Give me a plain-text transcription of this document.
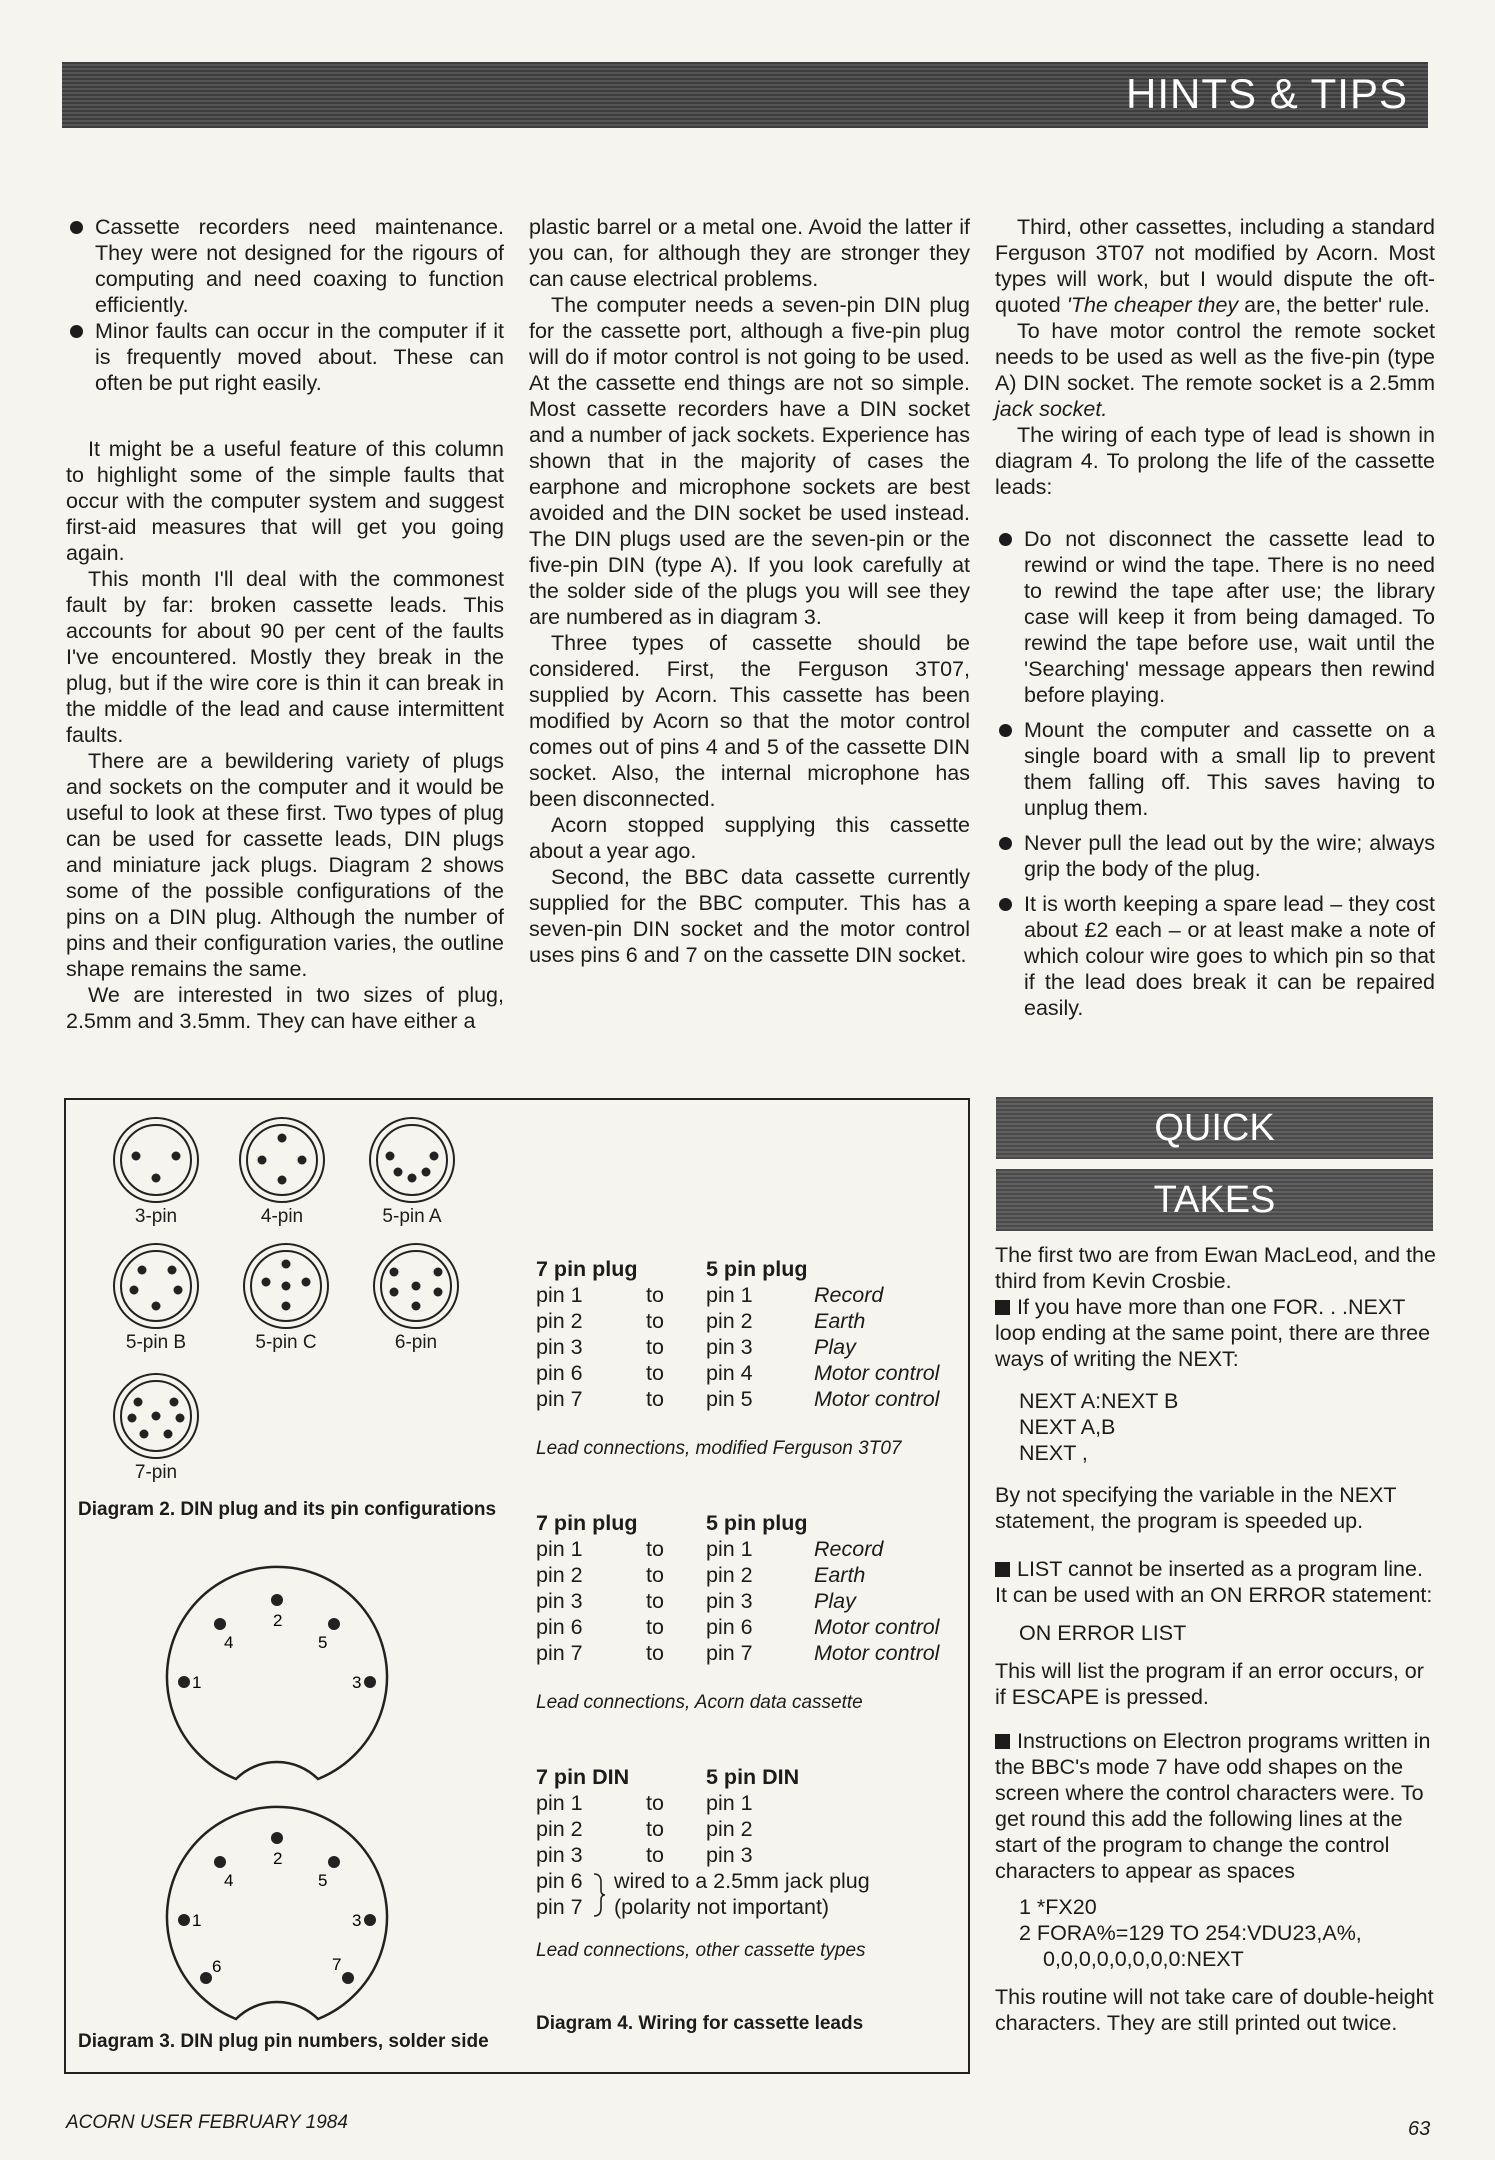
HINTS & TIPS

Cassette recorders need maintenance. They were not designed for the rigours of computing and need coaxing to function efficiently.

Minor faults can occur in the computer if it is frequently moved about. These can often be put right easily.

It might be a useful feature of this column to highlight some of the simple faults that occur with the computer system and suggest first-aid measures that will get you going again.

This month I'll deal with the commonest fault by far: broken cassette leads. This accounts for about 90 per cent of the faults I've encountered. Mostly they break in the plug, but if the wire core is thin it can break in the middle of the lead and cause intermittent faults.

There are a bewildering variety of plugs and sockets on the computer and it would be useful to look at these first. Two types of plug can be used for cassette leads, DIN plugs and miniature jack plugs. Diagram 2 shows some of the possible configurations of the pins on a DIN plug. Although the number of pins and their configuration varies, the outline shape remains the same.

We are interested in two sizes of plug, 2.5mm and 3.5mm. They can have either a

plastic barrel or a metal one. Avoid the latter if you can, for although they are stronger they can cause electrical problems.

The computer needs a seven-pin DIN plug for the cassette port, although a five-pin plug will do if motor control is not going to be used. At the cassette end things are not so simple. Most cassette recorders have a DIN socket and a number of jack sockets. Experience has shown that in the majority of cases the earphone and microphone sockets are best avoided and the DIN socket be used instead. The DIN plugs used are the seven-pin or the five-pin DIN (type A). If you look carefully at the solder side of the plugs you will see they are numbered as in diagram 3.

Three types of cassette should be considered. First, the Ferguson 3T07, supplied by Acorn. This cassette has been modified by Acorn so that the motor control comes out of pins 4 and 5 of the cassette DIN socket. Also, the internal microphone has been disconnected.

Acorn stopped supplying this cassette about a year ago.

Second, the BBC data cassette currently supplied for the BBC computer. This has a seven-pin DIN socket and the motor control uses pins 6 and 7 on the cassette DIN socket.

Third, other cassettes, including a standard Ferguson 3T07 not modified by Acorn. Most types will work, but I would dispute the oft-quoted 'The cheaper they are, the better' rule.

To have motor control the remote socket needs to be used as well as the five-pin (type A) DIN socket. The remote socket is a 2.5mm jack socket.

The wiring of each type of lead is shown in diagram 4. To prolong the life of the cassette leads:

Do not disconnect the cassette lead to rewind or wind the tape. There is no need to rewind the tape after use; the library case will keep it from being damaged. To rewind the tape before use, wait until the 'Searching' message appears then rewind before playing.

Mount the computer and cassette on a single board with a small lip to prevent them falling off. This saves having to unplug them.

Never pull the lead out by the wire; always grip the body of the plug.

It is worth keeping a spare lead – they cost about £2 each – or at least make a note of which colour wire goes to which pin so that if the lead does break it can be repaired easily.

3-pin	4-pin	5-pin A
5-pin B	5-pin C	6-pin
7-pin
Diagram 2. DIN plug and its pin configurations
2
4	5
1	3
2
4	5
1	3
6	7
Diagram 3. DIN plug pin numbers, solder side
7 pin plug		5 pin plug	
pin 1	to	pin 1	Record
pin 2	to	pin 2	Earth
pin 3	to	pin 3	Play
pin 6	to	pin 4	Motor control
pin 7	to	pin 5	Motor control
Lead connections, modified Ferguson 3T07
7 pin plug		5 pin plug	
pin 1	to	pin 1	Record
pin 2	to	pin 2	Earth
pin 3	to	pin 3	Play
pin 6	to	pin 6	Motor control
pin 7	to	pin 7	Motor control
Lead connections, Acorn data cassette
7 pin DIN		5 pin DIN
pin 1	to	pin 1
pin 2	to	pin 2
pin 3	to	pin 3
pin 6
pin 7
wired to a 2.5mm jack plug
(polarity not important)
Lead connections, other cassette types
Diagram 4. Wiring for cassette leads
QUICK
TAKES

The first two are from Ewan MacLeod, and the third from Kevin Crosbie.

If you have more than one FOR. . .NEXT loop ending at the same point, there are three ways of writing the NEXT:

NEXT A:NEXT B
NEXT A,B
NEXT ,

By not specifying the variable in the NEXT statement, the program is speeded up.

LIST cannot be inserted as a program line. It can be used with an ON ERROR statement:

ON ERROR LIST

This will list the program if an error occurs, or if ESCAPE is pressed.

Instructions on Electron programs written in the BBC's mode 7 have odd shapes on the screen where the control characters were. To get round this add the following lines at the start of the program to change the control characters to appear as spaces

1 *FX20
2 FORA%=129 TO 254:VDU23,A%,
0,0,0,0,0,0,0,0:NEXT

This routine will not take care of double-height characters. They are still printed out twice.

ACORN USER FEBRUARY 1984	63
